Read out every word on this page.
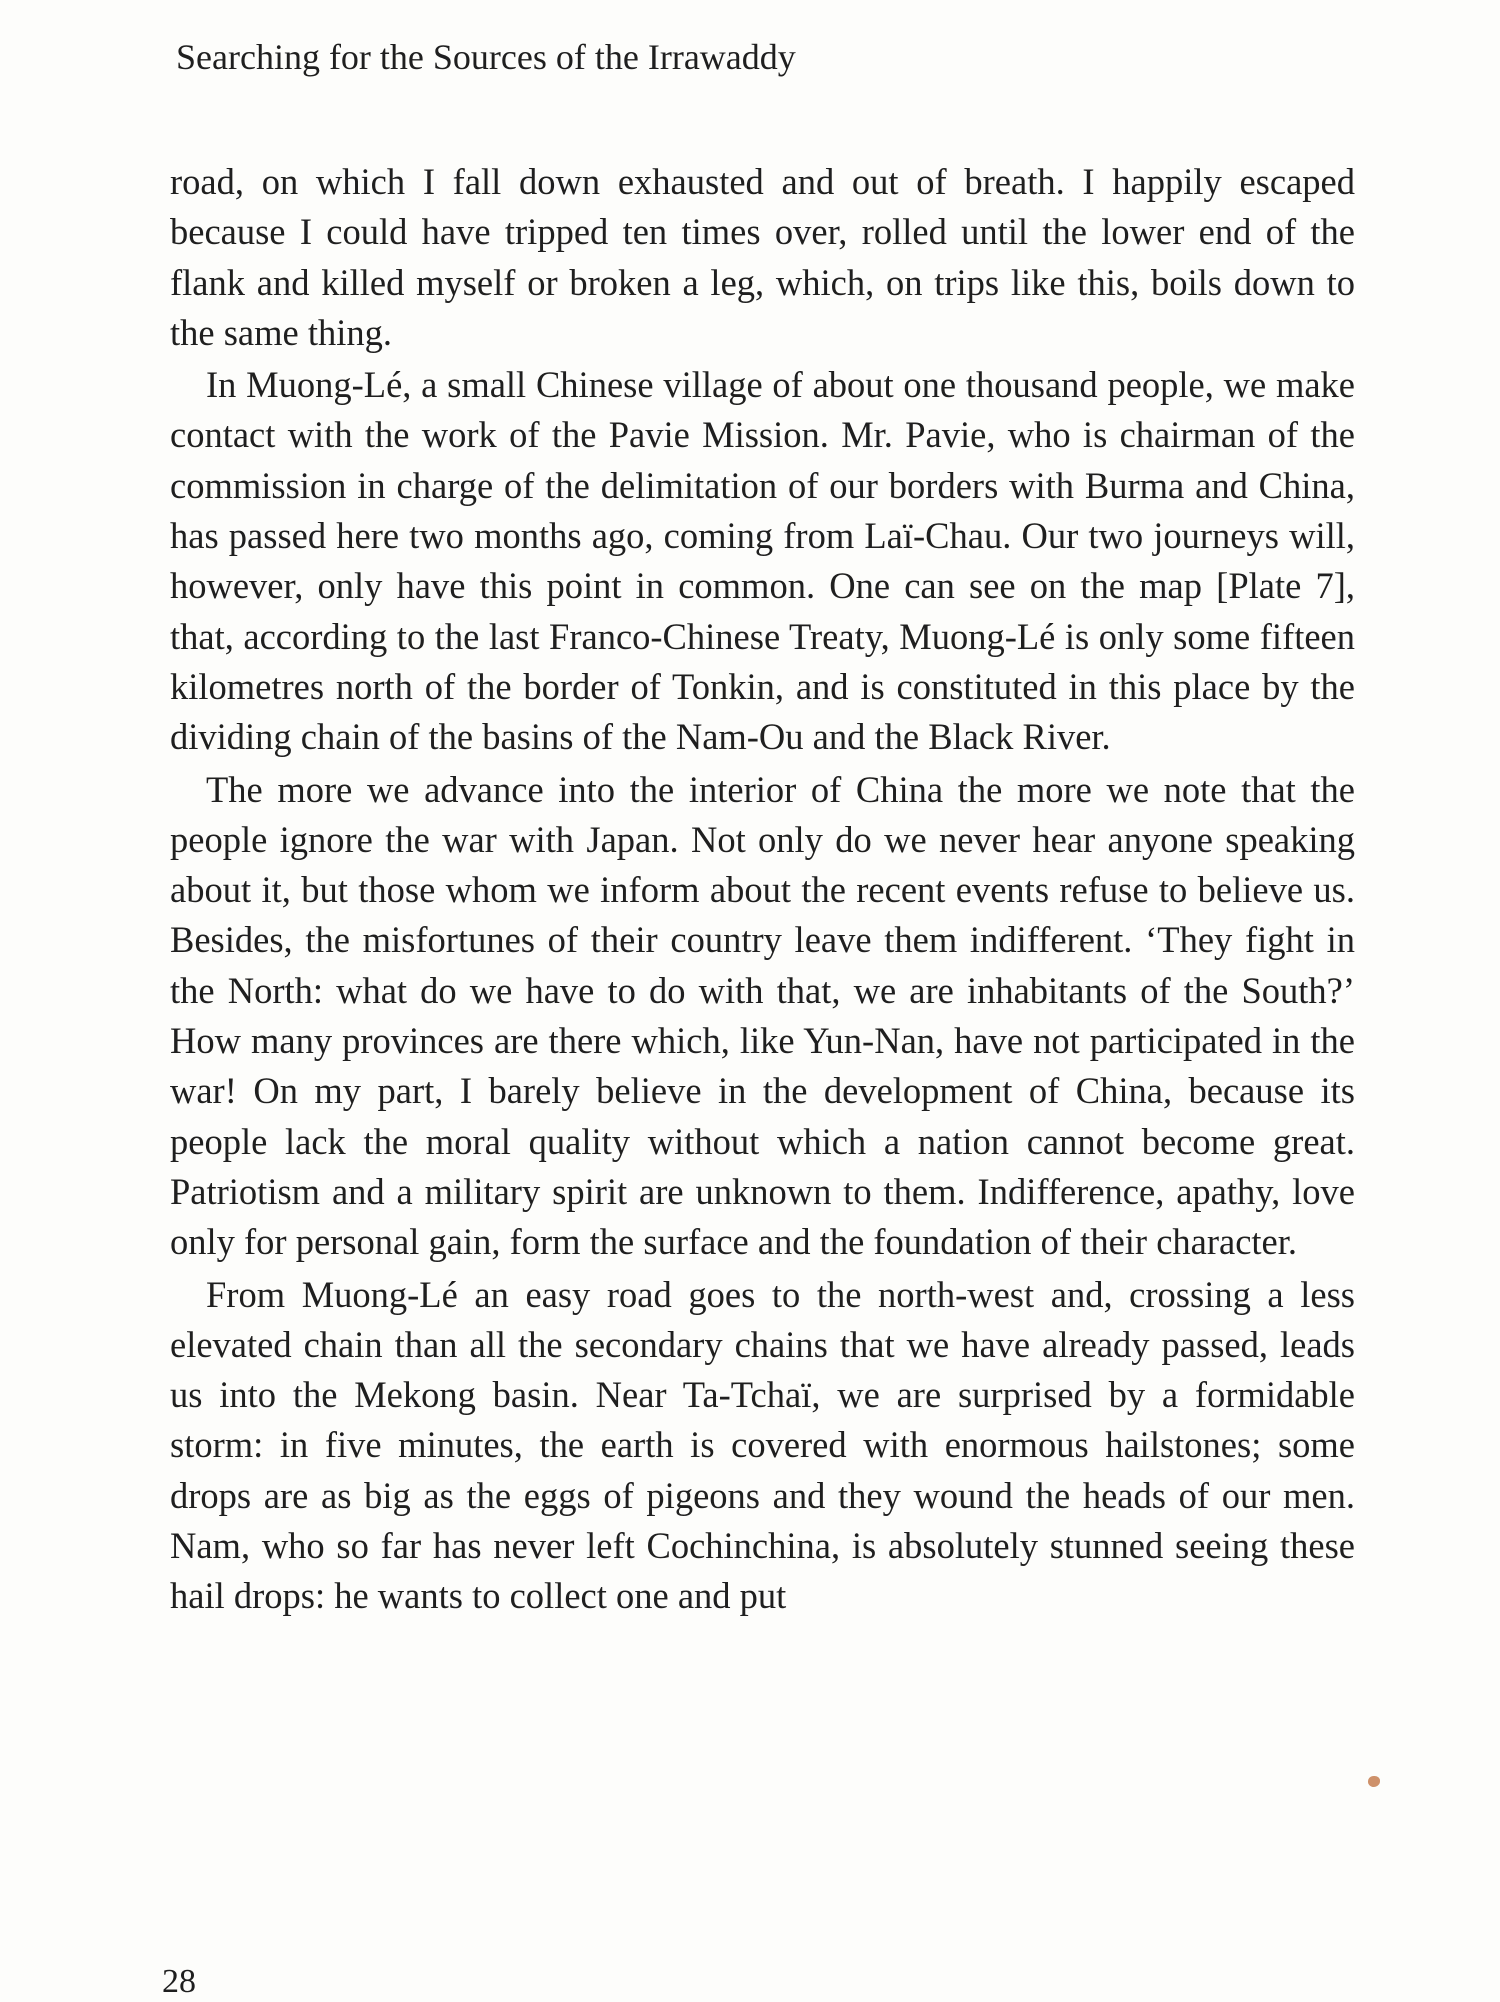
Searching for the Sources of the Irrawaddy

road, on which I fall down exhausted and out of breath. I happily escaped because I could have tripped ten times over, rolled until the lower end of the flank and killed myself or broken a leg, which, on trips like this, boils down to the same thing.

In Muong-Lé, a small Chinese village of about one thousand people, we make contact with the work of the Pavie Mission. Mr. Pavie, who is chairman of the commission in charge of the delimitation of our borders with Burma and China, has passed here two months ago, coming from Laï-Chau. Our two journeys will, however, only have this point in common. One can see on the map [Plate 7], that, according to the last Franco-Chinese Treaty, Muong-Lé is only some fifteen kilometres north of the border of Tonkin, and is constituted in this place by the dividing chain of the basins of the Nam-Ou and the Black River.

The more we advance into the interior of China the more we note that the people ignore the war with Japan. Not only do we never hear anyone speaking about it, but those whom we inform about the recent events refuse to believe us. Besides, the misfortunes of their country leave them indifferent. ‘They fight in the North: what do we have to do with that, we are inhabitants of the South?’ How many provinces are there which, like Yun-Nan, have not participated in the war! On my part, I barely believe in the development of China, because its people lack the moral quality without which a nation cannot become great. Patriotism and a military spirit are unknown to them. Indifference, apathy, love only for personal gain, form the surface and the foundation of their character.

From Muong-Lé an easy road goes to the north-west and, crossing a less elevated chain than all the secondary chains that we have already passed, leads us into the Mekong basin. Near Ta-Tchaï, we are surprised by a formidable storm: in five minutes, the earth is covered with enormous hailstones; some drops are as big as the eggs of pigeons and they wound the heads of our men. Nam, who so far has never left Cochinchina, is absolutely stunned seeing these hail drops: he wants to collect one and put

28
